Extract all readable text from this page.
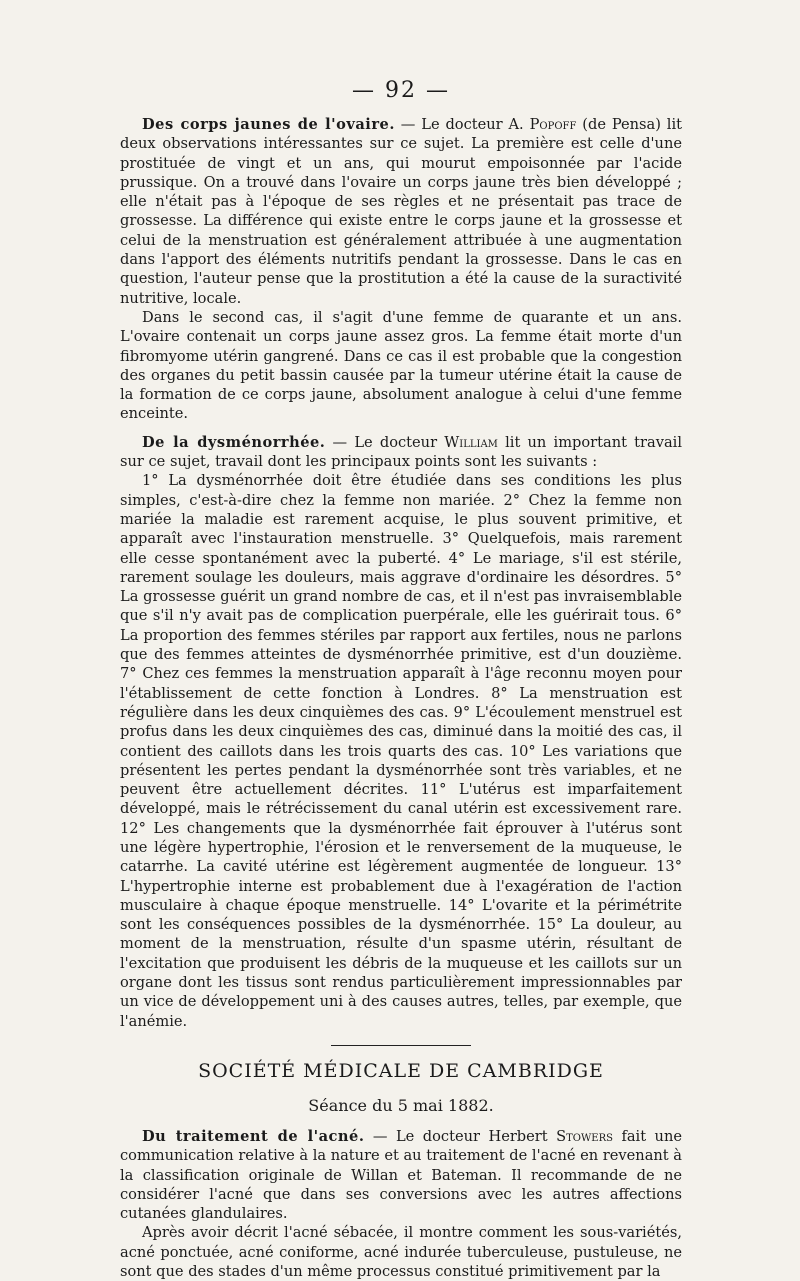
— 92 —

Des corps jaunes de l'ovaire. — Le docteur A. Popoff (de Pensa) lit deux observations intéressantes sur ce sujet. La première est celle d'une prostituée de vingt et un ans, qui mourut empoisonnée par l'acide prussique. On a trouvé dans l'ovaire un corps jaune très bien développé ; elle n'était pas à l'époque de ses règles et ne présentait pas trace de grossesse. La différence qui existe entre le corps jaune et la grossesse et celui de la menstruation est généralement attribuée à une augmentation dans l'apport des éléments nutritifs pendant la grossesse. Dans le cas en question, l'auteur pense que la prostitution a été la cause de la suractivité nutritive, locale.

Dans le second cas, il s'agit d'une femme de quarante et un ans. L'ovaire contenait un corps jaune assez gros. La femme était morte d'un fibromyome utérin gangrené. Dans ce cas il est probable que la congestion des organes du petit bassin causée par la tumeur utérine était la cause de la formation de ce corps jaune, absolument analogue à celui d'une femme enceinte.

De la dysménorrhée. — Le docteur William lit un important travail sur ce sujet, travail dont les principaux points sont les suivants :

1° La dysménorrhée doit être étudiée dans ses conditions les plus simples, c'est-à-dire chez la femme non mariée. 2° Chez la femme non mariée la maladie est rarement acquise, le plus souvent primitive, et apparaît avec l'instauration menstruelle. 3° Quelquefois, mais rarement elle cesse spontanément avec la puberté. 4° Le mariage, s'il est stérile, rarement soulage les douleurs, mais aggrave d'ordinaire les désordres. 5° La grossesse guérit un grand nombre de cas, et il n'est pas invraisemblable que s'il n'y avait pas de complication puerpérale, elle les guérirait tous. 6° La proportion des femmes stériles par rapport aux fertiles, nous ne parlons que des femmes atteintes de dysménorrhée primitive, est d'un douzième. 7° Chez ces femmes la menstruation apparaît à l'âge reconnu moyen pour l'établissement de cette fonction à Londres. 8° La menstruation est régulière dans les deux cinquièmes des cas. 9° L'écoulement menstruel est profus dans les deux cinquièmes des cas, diminué dans la moitié des cas, il contient des caillots dans les trois quarts des cas. 10° Les variations que présentent les pertes pendant la dysménorrhée sont très variables, et ne peuvent être actuellement décrites. 11° L'utérus est imparfaitement développé, mais le rétrécissement du canal utérin est excessivement rare. 12° Les changements que la dysménorrhée fait éprouver à l'utérus sont une légère hypertrophie, l'érosion et le renversement de la muqueuse, le catarrhe. La cavité utérine est légèrement augmentée de longueur. 13° L'hypertrophie interne est probablement due à l'exagération de l'action musculaire à chaque époque menstruelle. 14° L'ovarite et la périmétrite sont les conséquences possibles de la dysménorrhée. 15° La douleur, au moment de la menstruation, résulte d'un spasme utérin, résultant de l'excitation que produisent les débris de la muqueuse et les caillots sur un organe dont les tissus sont rendus particulièrement impressionnables par un vice de développement uni à des causes autres, telles, par exemple, que l'anémie.

SOCIÉTÉ MÉDICALE DE CAMBRIDGE
Séance du 5 mai 1882.

Du traitement de l'acné. — Le docteur Herbert Stowers fait une communication relative à la nature et au traitement de l'acné en revenant à la classification originale de Willan et Bateman. Il recommande de ne considérer l'acné que dans ses conversions avec les autres affections cutanées glandulaires.

Après avoir décrit l'acné sébacée, il montre comment les sous-variétés, acné ponctuée, acné coniforme, acné indurée tuberculeuse, pustuleuse, ne sont que des stades d'un même processus constitué primitivement par la
